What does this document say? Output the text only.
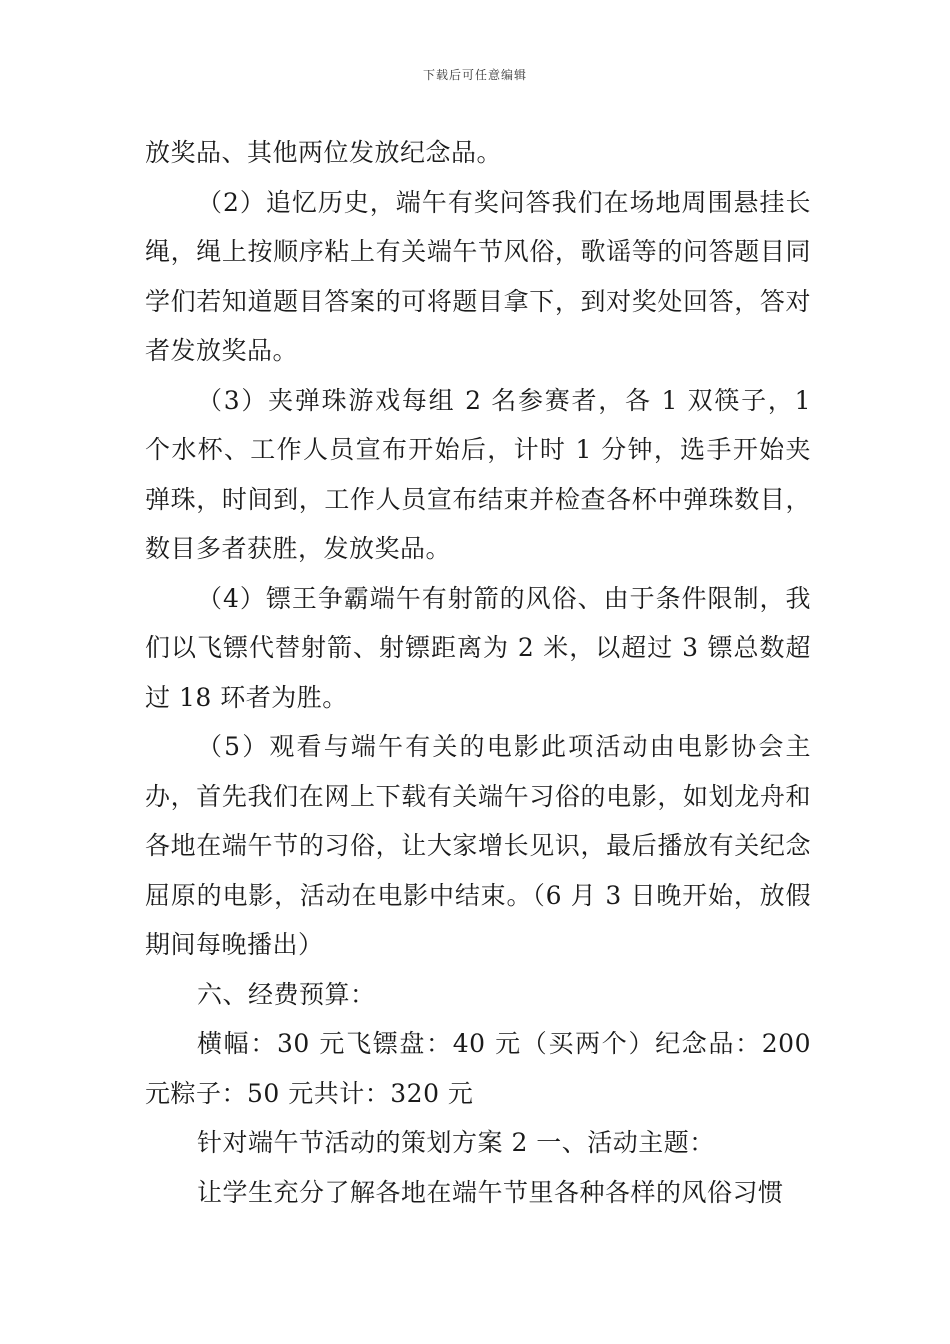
下载后可任意编辑

放奖品、其他两位发放纪念品。

（2）追忆历史，端午有奖问答我们在场地周围悬挂长绳，绳上按顺序粘上有关端午节风俗，歌谣等的问答题目同学们若知道题目答案的可将题目拿下，到对奖处回答，答对者发放奖品。

（3）夹弹珠游戏每组 2 名参赛者，各 1 双筷子，1 个水杯、工作人员宣布开始后，计时 1 分钟，选手开始夹弹珠，时间到，工作人员宣布结束并检查各杯中弹珠数目，数目多者获胜，发放奖品。

（4）镖王争霸端午有射箭的风俗、由于条件限制，我们以飞镖代替射箭、射镖距离为 2 米，以超过 3 镖总数超过 18 环者为胜。

（5）观看与端午有关的电影此项活动由电影协会主办，首先我们在网上下载有关端午习俗的电影，如划龙舟和各地在端午节的习俗，让大家增长见识，最后播放有关纪念屈原的电影，活动在电影中结束。（6 月 3 日晚开始，放假期间每晚播出）

六、经费预算：

横幅：30 元飞镖盘：40 元（买两个）纪念品：200 元粽子：50 元共计：320 元

针对端午节活动的策划方案 2 一、活动主题：

让学生充分了解各地在端午节里各种各样的风俗习惯
